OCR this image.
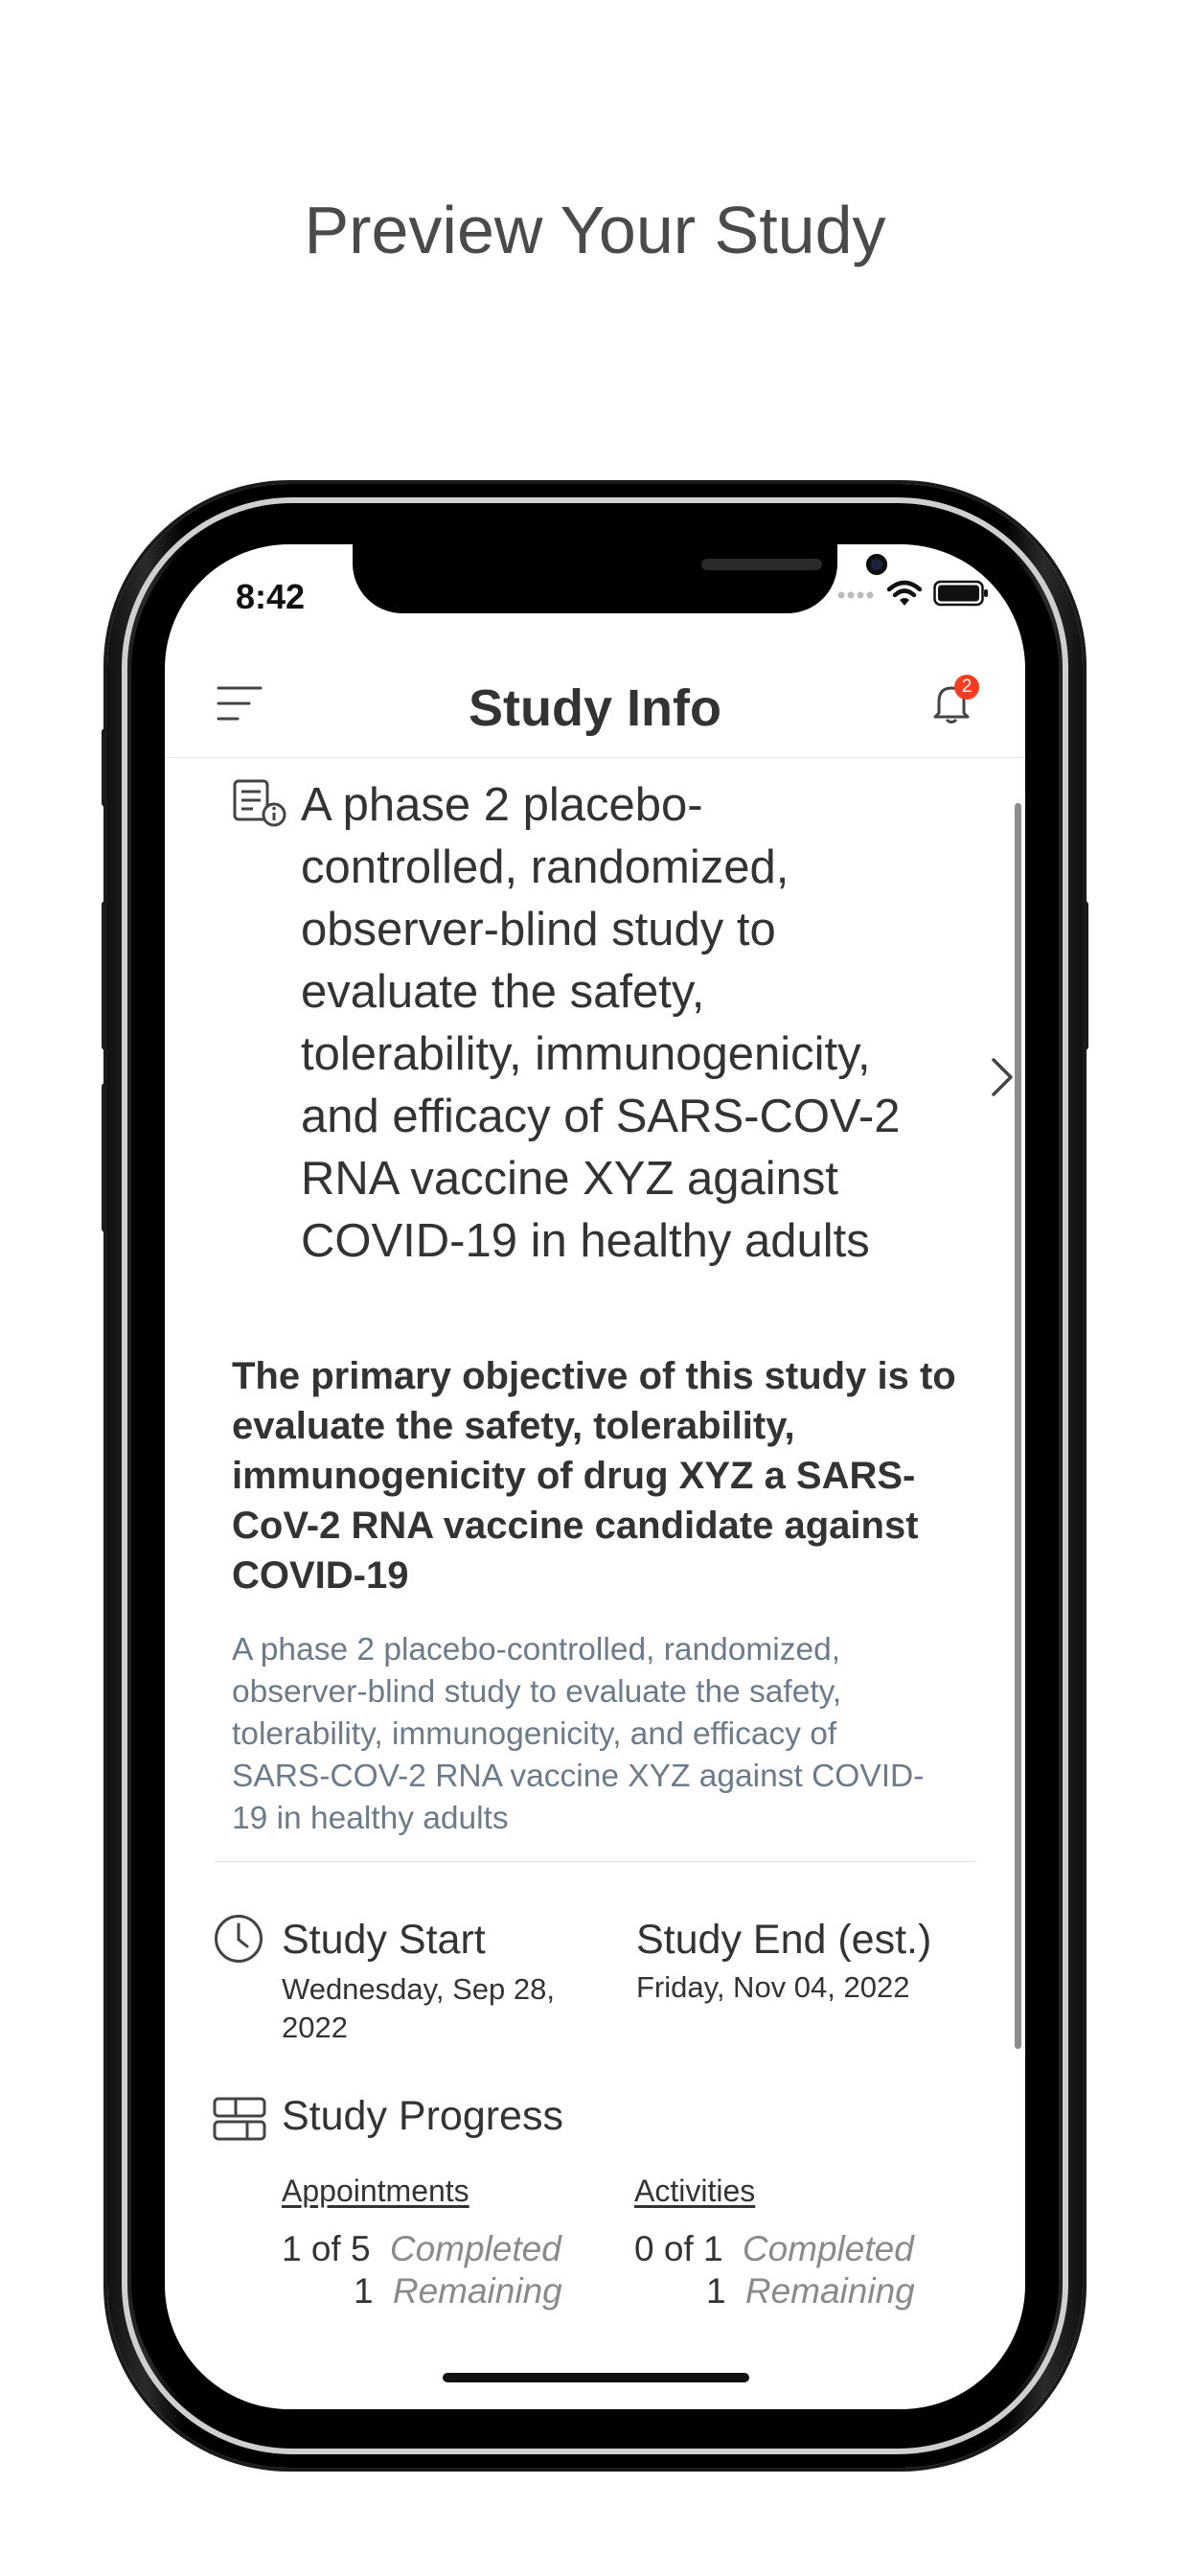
Preview Your Study
8:42
Study Info	2
A phase 2 placebo-controlled, randomized, observer-blind study to evaluate the safety, tolerability, immunogenicity, and efficacy of SARS-COV-2 RNA vaccine XYZ against COVID-19 in healthy adults
The primary objective of this study is to evaluate the safety, tolerability, immunogenicity of drug XYZ a SARS-CoV-2 RNA vaccine candidate against COVID-19
A phase 2 placebo-controlled, randomized, observer-blind study to evaluate the safety, tolerability, immunogenicity, and efficacy of SARS-COV-2 RNA vaccine XYZ against COVID-19 in healthy adults
Study Start
Wednesday, Sep 28, 2022
Study End (est.)
Friday, Nov 04, 2022
Study Progress
Appointments	Activities
1 of 5 Completed
1 Remaining
0 of 1 Completed
1 Remaining
